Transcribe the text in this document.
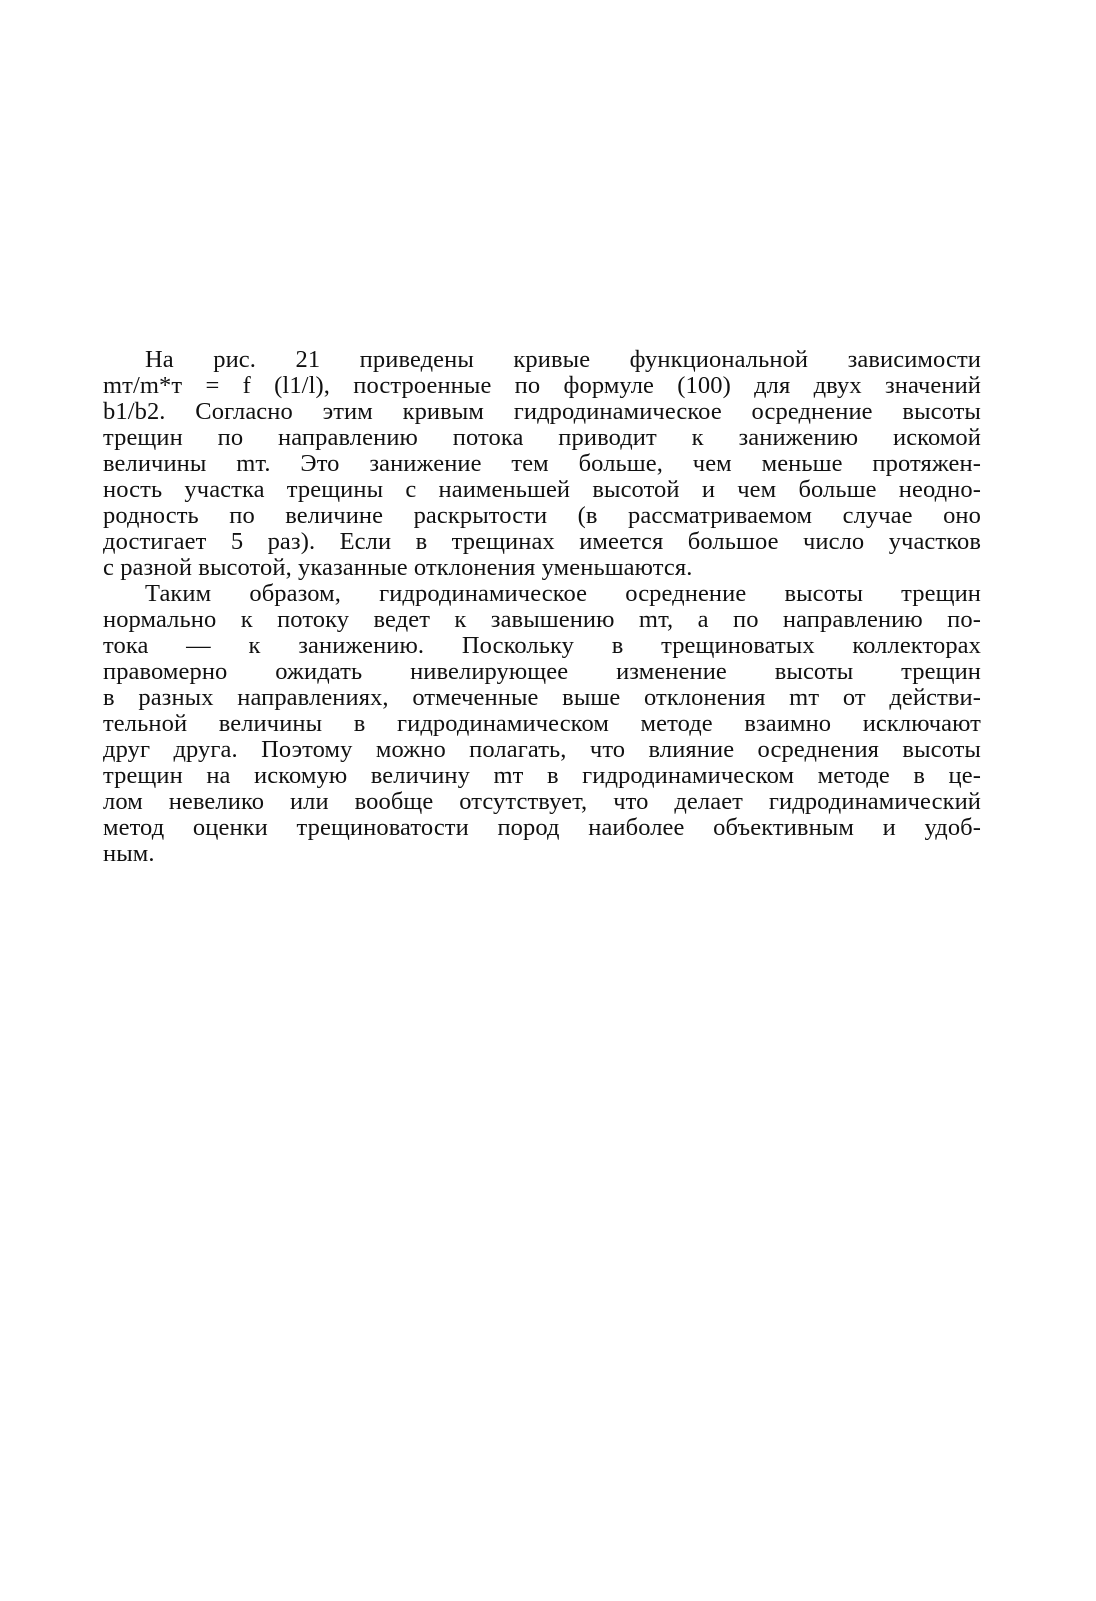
На рис. 21 приведены кривые функциональной зависимости
mт/m*т = f (l1/l), построенные по формуле (100) для двух значений
b1/b2. Согласно этим кривым гидродинамическое осреднение высоты
трещин по направлению потока приводит к занижению искомой
величины mт. Это занижение тем больше, чем меньше протяжен-
ность участка трещины с наименьшей высотой и чем больше неодно-
родность по величине раскрытости (в рассматриваемом случае оно
достигает 5 раз). Если в трещинах имеется большое число участков
с разной высотой, указанные отклонения уменьшаются.
Таким образом, гидродинамическое осреднение высоты трещин
нормально к потоку ведет к завышению mт, а по направлению по-
тока — к занижению. Поскольку в трещиноватых коллекторах
правомерно ожидать нивелирующее изменение высоты трещин
в разных направлениях, отмеченные выше отклонения mт от действи-
тельной величины в гидродинамическом методе взаимно исключают
друг друга. Поэтому можно полагать, что влияние осреднения высоты
трещин на искомую величину mт в гидродинамическом методе в це-
лом невелико или вообще отсутствует, что делает гидродинамический
метод оценки трещиноватости пород наиболее объективным и удоб-
ным.
